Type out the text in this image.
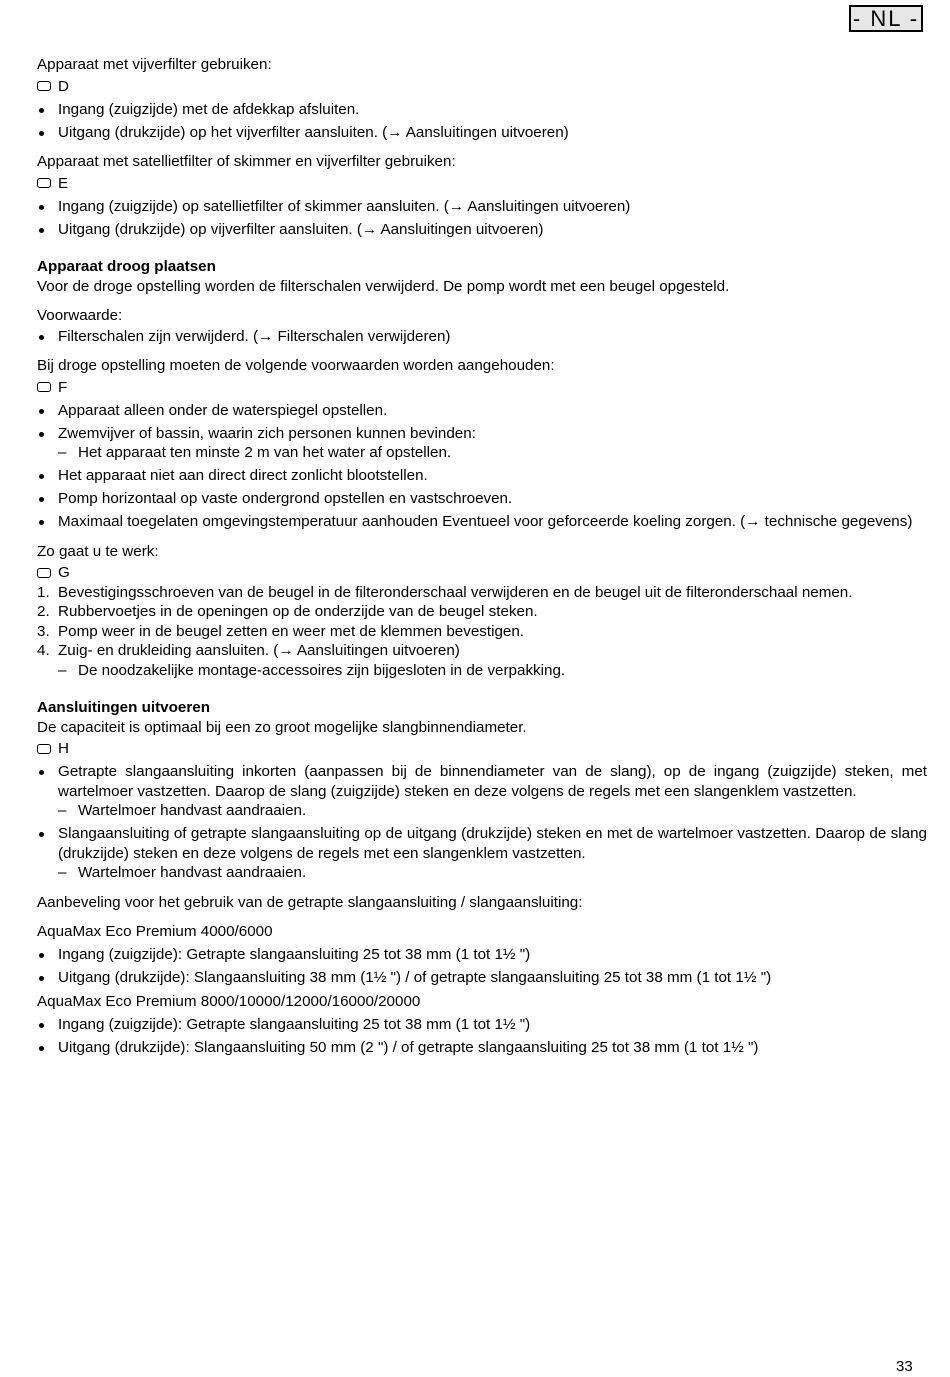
- NL -

Apparaat met vijverfilter gebruiken:

D
Ingang (zuigzijde) met de afdekkap afsluiten.
Uitgang (drukzijde) op het vijverfilter aansluiten. (→ Aansluitingen uitvoeren)

Apparaat met satellietfilter of skimmer en vijverfilter gebruiken:

E
Ingang (zuigzijde) op satellietfilter of skimmer aansluiten. (→ Aansluitingen uitvoeren)
Uitgang (drukzijde) op vijverfilter aansluiten. (→ Aansluitingen uitvoeren)

Apparaat droog plaatsen

Voor de droge opstelling worden de filterschalen verwijderd. De pomp wordt met een beugel opgesteld.

Voorwaarde:

Filterschalen zijn verwijderd. (→ Filterschalen verwijderen)

Bij droge opstelling moeten de volgende voorwaarden worden aangehouden:

F
Apparaat alleen onder de waterspiegel opstellen.
Zwemvijver of bassin, waarin zich personen kunnen bevinden:
– Het apparaat ten minste 2 m van het water af opstellen.
Het apparaat niet aan direct direct zonlicht blootstellen.
Pomp horizontaal op vaste ondergrond opstellen en vastschroeven.
Maximaal toegelaten omgevingstemperatuur aanhouden Eventueel voor geforceerde koeling zorgen. (→ technische gegevens)

Zo gaat u te werk:

G
1. Bevestigingsschroeven van de beugel in de filteronderschaal verwijderen en de beugel uit de filteronderschaal nemen.
2. Rubbervoetjes in de openingen op de onderzijde van de beugel steken.
3. Pomp weer in de beugel zetten en weer met de klemmen bevestigen.
4. Zuig- en drukleiding aansluiten. (→ Aansluitingen uitvoeren)
– De noodzakelijke montage-accessoires zijn bijgesloten in de verpakking.

Aansluitingen uitvoeren

De capaciteit is optimaal bij een zo groot mogelijke slangbinnendiameter.

H
Getrapte slangaansluiting inkorten (aanpassen bij de binnendiameter van de slang), op de ingang (zuigzijde) steken, met wartelmoer vastzetten. Daarop de slang (zuigzijde) steken en deze volgens de regels met een slangenklem vastzetten.
– Wartelmoer handvast aandraaien.
Slangaansluiting of getrapte slangaansluiting op de uitgang (drukzijde) steken en met de wartelmoer vastzetten. Daarop de slang (drukzijde) steken en deze volgens de regels met een slangenklem vastzetten.
– Wartelmoer handvast aandraaien.

Aanbeveling voor het gebruik van de getrapte slangaansluiting / slangaansluiting:

AquaMax Eco Premium 4000/6000

Ingang (zuigzijde): Getrapte slangaansluiting 25 tot 38 mm (1 tot 1½ ")
Uitgang (drukzijde): Slangaansluiting 38 mm (1½ ") / of getrapte slangaansluiting 25 tot 38 mm (1 tot 1½ ")

AquaMax Eco Premium 8000/10000/12000/16000/20000

Ingang (zuigzijde): Getrapte slangaansluiting 25 tot 38 mm (1 tot 1½ ")
Uitgang (drukzijde): Slangaansluiting 50 mm (2 ") / of getrapte slangaansluiting 25 tot 38 mm (1 tot 1½ ")
33
